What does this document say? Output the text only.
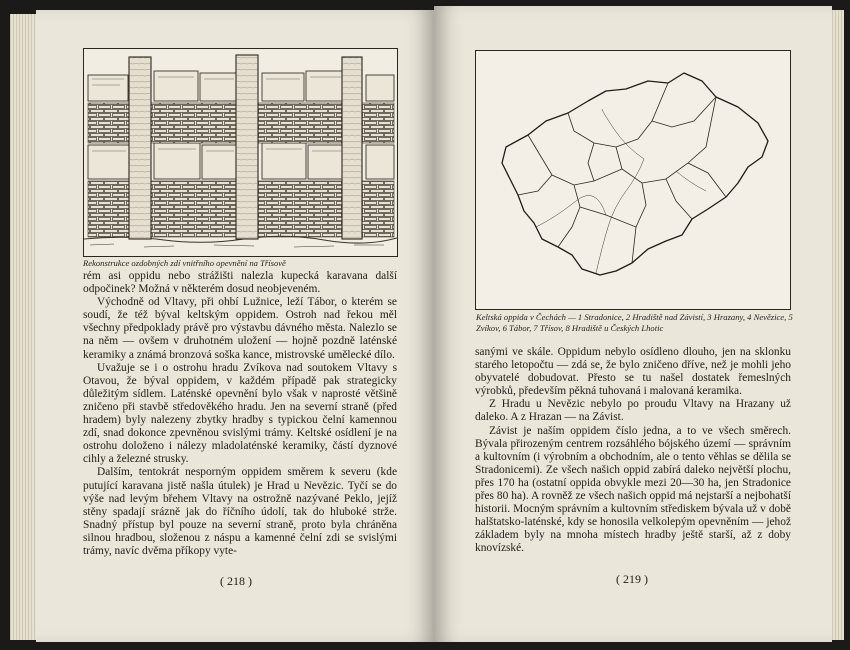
Rekonstrukce ozdobných zdí vnitřního opevnění na Třísově

rém asi oppidu nebo strážišti nalezla kupecká karavana další odpočinek? Možná v některém dosud neobjeveném.

Východně od Vltavy, při ohbí Lužnice, leží Tábor, o kterém se soudí, že též býval keltským oppidem. Ostroh nad řekou měl všechny předpoklady právě pro výstavbu dávného města. Nalezlo se na něm — ovšem v druhotném uložení — hojně pozdně laténské keramiky a známá bronzová soška kance, mistrovské umělecké dílo.

Uvažuje se i o ostrohu hradu Zvíkova nad soutokem Vltavy s Otavou, že býval oppidem, v každém případě pak strategicky důležitým sídlem. Laténské opevnění bylo však v naprosté většině zničeno při stavbě středověkého hradu. Jen na severní straně (před hradem) byly nalezeny zbytky hradby s typickou čelní kamennou zdí, snad dokonce zpevněnou svislými trámy. Keltské osídlení je na ostrohu doloženo i nálezy mladolaténské keramiky, částí dyznové cihly a železné strusky.

Dalším, tentokrát nesporným oppidem směrem k severu (kde putující karavana jistě našla útulek) je Hrad u Nevězic. Tyčí se do výše nad levým břehem Vltavy na ostrožně nazývané Peklo, jejíž stěny spadají srázně jak do říčního údolí, tak do hluboké strže. Snadný přístup byl pouze na severní straně, proto byla chráněna silnou hradbou, složenou z náspu a kamenné čelní zdi se svislými trámy, navíc dvěma příkopy vyte-

( 218 )
Keltská oppida v Čechách — 1 Stradonice, 2 Hradiště nad Závistí, 3 Hrazany, 4 Nevězice, 5 Zvíkov, 6 Tábor, 7 Třísov, 8 Hradiště u Českých Lhotic

sanými ve skále. Oppidum nebylo osídleno dlouho, jen na sklonku starého letopočtu — zdá se, že bylo zničeno dříve, než je mohli jeho obyvatelé dobudovat. Přesto se tu našel dostatek řemeslných výrobků, především pěkná tuhovaná i malovaná keramika.

Z Hradu u Nevězic nebylo po proudu Vltavy na Hrazany už daleko. A z Hrazan — na Závist.

Závist je naším oppidem číslo jedna, a to ve všech směrech. Bývala přirozeným centrem rozsáhlého bójského území — správním a kultovním (i výrobním a obchodním, ale o tento věhlas se dělila se Stradonicemi). Ze všech našich oppid zabírá daleko největší plochu, přes 170 ha (ostatní oppida obvykle mezi 20—30 ha, jen Stradonice přes 80 ha). A rovněž ze všech našich oppid má nejstarší a nejbohatší historii. Mocným správním a kultovním střediskem bývala už v době halštatsko-laténské, kdy se honosila velkolepým opevněním — jehož základem byly na mnoha místech hradby ještě starší, až z doby knovízské.

( 219 )
